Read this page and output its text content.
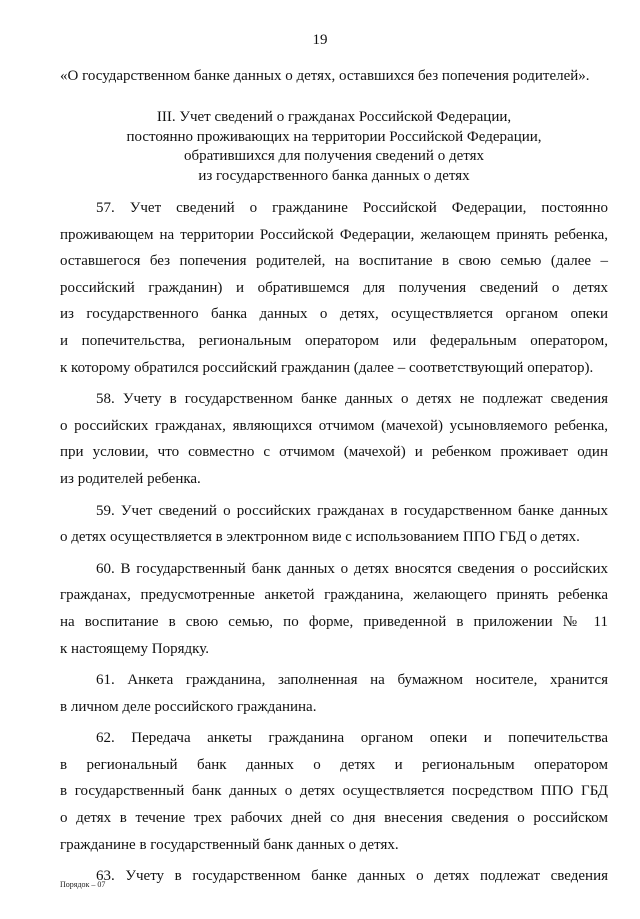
19
«О государственном банке данных о детях, оставшихся без попечения родителей».
III. Учет сведений о гражданах Российской Федерации,
постоянно проживающих на территории Российской Федерации,
обратившихся для получения сведений о детях
из государственного банка данных о детях
57. Учет сведений о гражданине Российской Федерации, постоянно
проживающем на территории Российской Федерации, желающем принять ребенка,
оставшегося без попечения родителей, на воспитание в свою семью (далее –
российский гражданин) и обратившемся для получения сведений о детях
из государственного банка данных о детях, осуществляется органом опеки
и попечительства, региональным оператором или федеральным оператором,
к которому обратился российский гражданин (далее – соответствующий оператор).
58. Учету в государственном банке данных о детях не подлежат сведения
о российских гражданах, являющихся отчимом (мачехой) усыновляемого ребенка,
при условии, что совместно с отчимом (мачехой) и ребенком проживает один
из родителей ребенка.
59. Учет сведений о российских гражданах в государственном банке данных
о детях осуществляется в электронном виде с использованием ППО ГБД о детях.
60. В государственный банк данных о детях вносятся сведения о российских
гражданах, предусмотренные анкетой гражданина, желающего принять ребенка
на воспитание в свою семью, по форме, приведенной в приложении № 11
к настоящему Порядку.
61. Анкета гражданина, заполненная на бумажном носителе, хранится
в личном деле российского гражданина.
62. Передача анкеты гражданина органом опеки и попечительства
в региональный банк данных о детях и региональным оператором
в государственный банк данных о детях осуществляется посредством ППО ГБД
о детях в течение трех рабочих дней со дня внесения сведения о российском
гражданине в государственный банк данных о детях.
63. Учету в государственном банке данных о детях подлежат сведения
Порядок – 07
